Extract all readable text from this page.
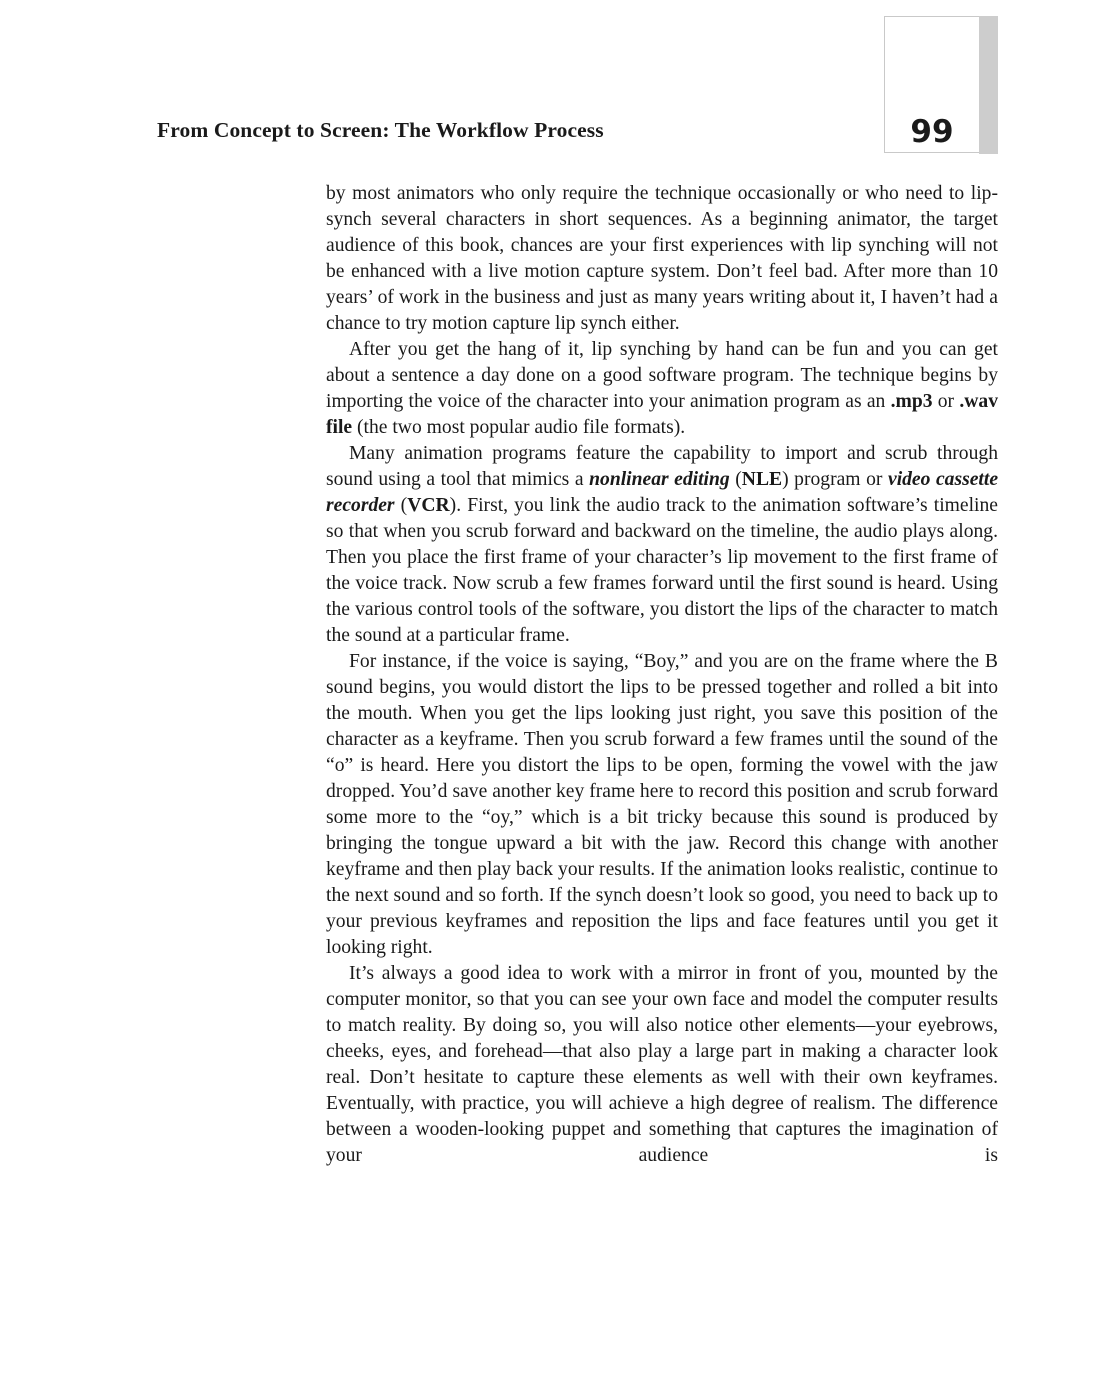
From Concept to Screen: The Workflow Process	99

by most animators who only require the technique occasionally or who need to lip-synch several characters in short sequences. As a beginning animator, the target audience of this book, chances are your first experiences with lip synching will not be enhanced with a live motion capture system. Don’t feel bad. After more than 10 years’ of work in the business and just as many years writing about it, I haven’t had a chance to try motion capture lip synch either.

After you get the hang of it, lip synching by hand can be fun and you can get about a sentence a day done on a good software program. The technique begins by importing the voice of the character into your animation program as an .mp3 or .wav file (the two most popular audio file formats).

Many animation programs feature the capability to import and scrub through sound using a tool that mimics a nonlinear editing (NLE) program or video cassette recorder (VCR). First, you link the audio track to the animation software’s timeline so that when you scrub forward and backward on the timeline, the audio plays along. Then you place the first frame of your character’s lip movement to the first frame of the voice track. Now scrub a few frames forward until the first sound is heard. Using the various control tools of the software, you distort the lips of the character to match the sound at a particular frame.

For instance, if the voice is saying, “Boy,” and you are on the frame where the B sound begins, you would distort the lips to be pressed together and rolled a bit into the mouth. When you get the lips looking just right, you save this position of the character as a keyframe. Then you scrub forward a few frames until the sound of the “o” is heard. Here you distort the lips to be open, forming the vowel with the jaw dropped. You’d save another key frame here to record this position and scrub forward some more to the “oy,” which is a bit tricky because this sound is produced by bringing the tongue upward a bit with the jaw. Record this change with another keyframe and then play back your results. If the animation looks realistic, continue to the next sound and so forth. If the synch doesn’t look so good, you need to back up to your previous keyframes and reposition the lips and face features until you get it looking right.

It’s always a good idea to work with a mirror in front of you, mounted by the computer monitor, so that you can see your own face and model the computer results to match reality. By doing so, you will also notice other elements—your eyebrows, cheeks, eyes, and forehead—that also play a large part in making a character look real. Don’t hesitate to capture these elements as well with their own keyframes. Eventually, with practice, you will achieve a high degree of realism. The difference between a wooden-looking puppet and something that captures the imagination of your audience is
